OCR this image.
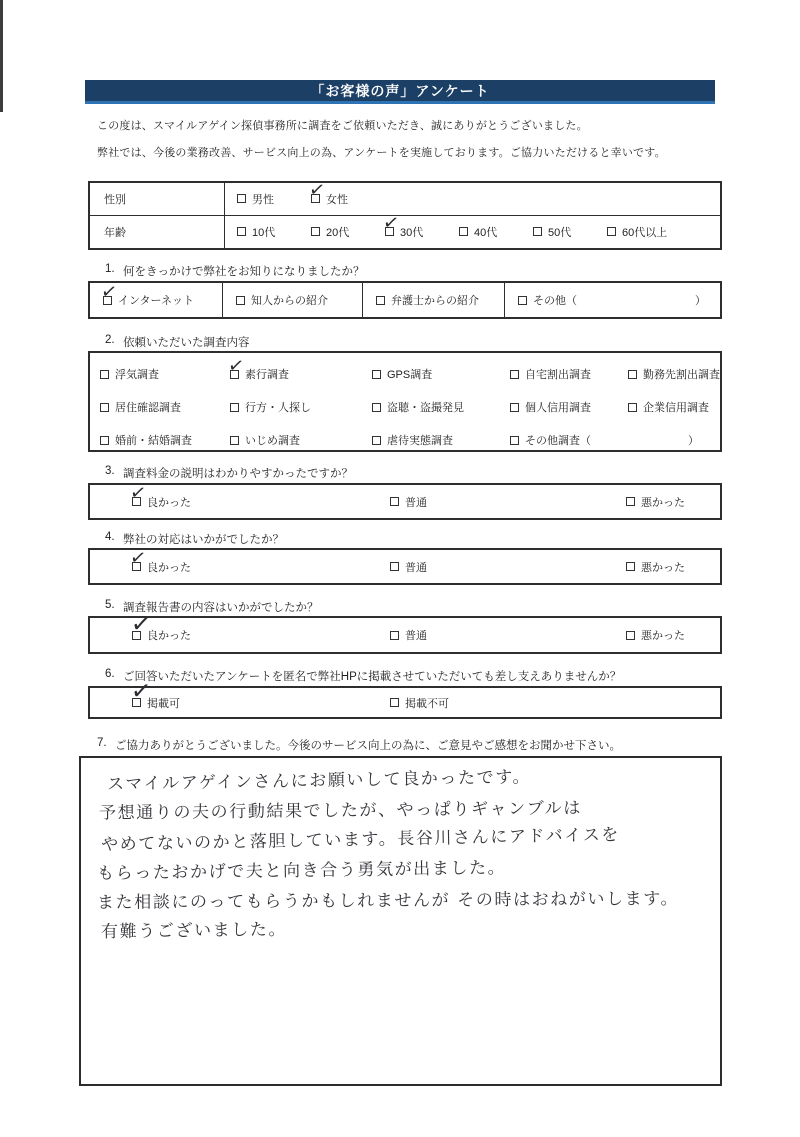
「お客様の声」アンケート
この度は、スマイルアゲイン探偵事務所に調査をご依頼いただき、誠にありがとうございました。
弊社では、今後の業務改善、サービス向上の為、アンケートを実施しております。ご協力いただけると幸いです。
性別	男性 ✓	女性
年齢	10代	20代 ✓	30代	40代	50代	60代以上
1. 何をきっかけで弊社をお知りになりましたか？
✓
インターネット	知人からの紹介	弁護士からの紹介	その他（	）
2. 依頼いただいた調査内容
浮気調査 ✓	素行調査	GPS調査	自宅割出調査	勤務先割出調査
居住確認調査	行方・人探し	盗聴・盗撮発見	個人信用調査	企業信用調査
婚前・結婚調査	いじめ調査	虐待実態調査	その他調査（	）
3. 調査料金の説明はわかりやすかったですか？
✓
良かった	普通	悪かった
4. 弊社の対応はいかがでしたか？
✓
良かった	普通	悪かった
5. 調査報告書の内容はいかがでしたか？
✓
良かった	普通	悪かった
6. ご回答いただいたアンケートを匿名で弊社HPに掲載させていただいても差し支えありませんか？
✓
掲載可	掲載不可
7. ご協力ありがとうございました。今後のサービス向上の為に、ご意見やご感想をお聞かせ下さい。
スマイルアゲインさんにお願いして良かったです。
予想通りの夫の行動結果でしたが、やっぱりギャンブルは
やめてないのかと落胆しています。長谷川さんにアドバイスを
もらったおかげで夫と向き合う勇気が出ました。
また相談にのってもらうかもしれませんが その時はおねがいします。
有難うございました。
